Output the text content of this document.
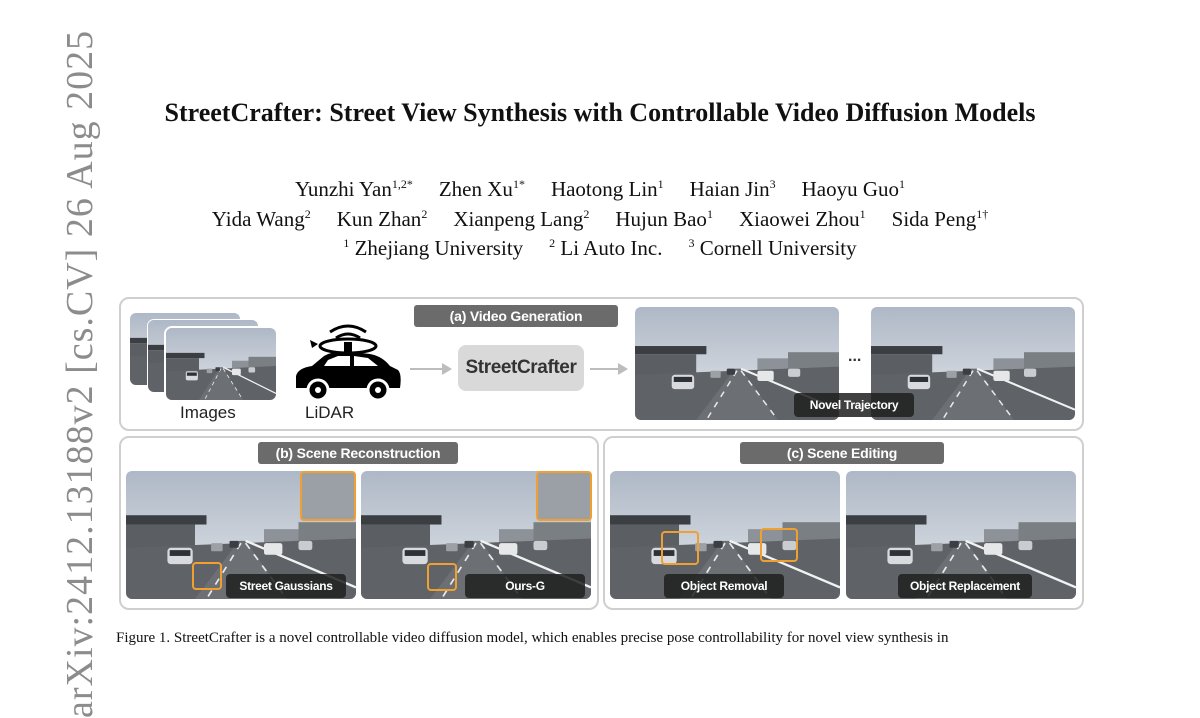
arXiv:2412.13188v2 [cs.CV] 26 Aug 2025	StreetCrafter: Street View Synthesis with Controllable Video Diffusion Models
Yunzhi Yan$^{1,2*}$ Zhen $Xu^{1*}$ Haotong Lin$^1$ Haian Jin$^3$ Haoyu Guo$^1$
Yida Wang$^2$ Kun Zhan$^2$ Xianpeng Lang$^2$ Hujun Bao$^1$ Xiaowei Zhou$^1$ Sida Peng$^{1\dagger}$
$^1$ Zhejiang University $^2$ Li Auto Inc. $^3$ Cornell University
(a) Video Generation
Images	LiDAR
StreetCrafter
...
Novel Trajectory
(b) Scene Reconstruction
Street Gaussians	Ours-G
(c) Scene Editing
Object Removal	Object Replacement
Figure 1. StreetCrafter is a novel controllable video diffusion model, which enables precise pose controllability for novel view synthesis in
